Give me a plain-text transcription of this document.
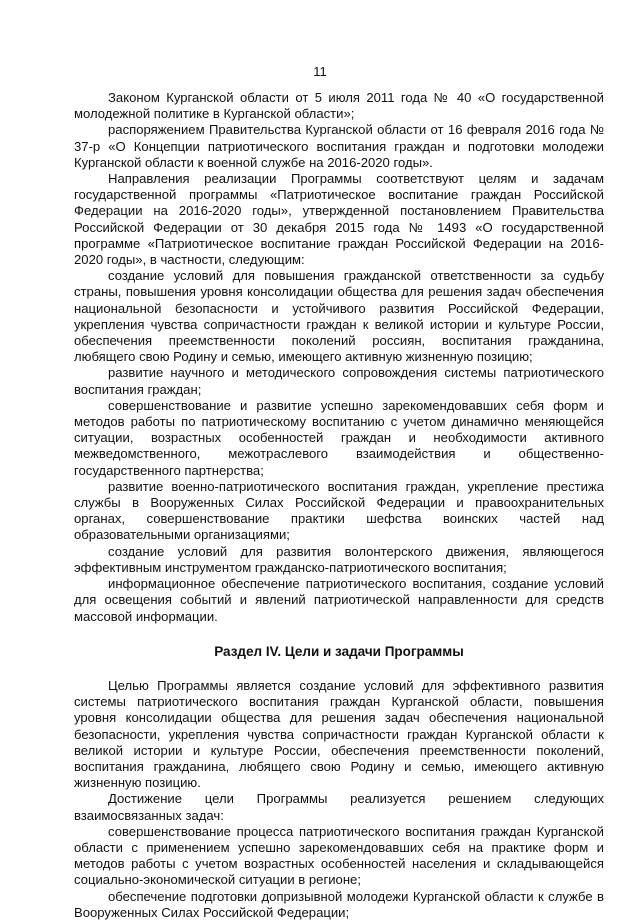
11

Законом Курганской области от 5 июля 2011 года № 40 «О государственной молодежной политике в Курганской области»;

распоряжением Правительства Курганской области от 16 февраля 2016 года № 37-р «О Концепции патриотического воспитания граждан и подготовки молодежи Курганской области к военной службе на 2016-2020 годы».

Направления реализации Программы соответствуют целям и задачам государственной программы «Патриотическое воспитание граждан Российской Федерации на 2016-2020 годы», утвержденной постановлением Правительства Российской Федерации от 30 декабря 2015 года № 1493 «О государственной программе «Патриотическое воспитание граждан Российской Федерации на 2016-2020 годы», в частности, следующим:

создание условий для повышения гражданской ответственности за судьбу страны, повышения уровня консолидации общества для решения задач обеспечения национальной безопасности и устойчивого развития Российской Федерации, укрепления чувства сопричастности граждан к великой истории и культуре России, обеспечения преемственности поколений россиян, воспитания гражданина, любящего свою Родину и семью, имеющего активную жизненную позицию;

развитие научного и методического сопровождения системы патриотического воспитания граждан;

совершенствование и развитие успешно зарекомендовавших себя форм и методов работы по патриотическому воспитанию с учетом динамично меняющейся ситуации, возрастных особенностей граждан и необходимости активного межведомственного, межотраслевого взаимодействия и общественно-государственного партнерства;

развитие военно-патриотического воспитания граждан, укрепление престижа службы в Вооруженных Силах Российской Федерации и правоохранительных органах, совершенствование практики шефства воинских частей над образовательными организациями;

создание условий для развития волонтерского движения, являющегося эффективным инструментом гражданско-патриотического воспитания;

информационное обеспечение патриотического воспитания, создание условий для освещения событий и явлений патриотической направленности для средств массовой информации.

Раздел IV. Цели и задачи Программы

Целью Программы является создание условий для эффективного развития системы патриотического воспитания граждан Курганской области, повышения уровня консолидации общества для решения задач обеспечения национальной безопасности, укрепления чувства сопричастности граждан Курганской области к великой истории и культуре России, обеспечения преемственности поколений, воспитания гражданина, любящего свою Родину и семью, имеющего активную жизненную позицию.

Достижение цели Программы реализуется решением следующих взаимосвязанных задач:

совершенствование процесса патриотического воспитания граждан Курганской области с применением успешно зарекомендовавших себя на практике форм и методов работы с учетом возрастных особенностей населения и складывающейся социально-экономической ситуации в регионе;

обеспечение подготовки допризывной молодежи Курганской области к службе в Вооруженных Силах Российской Федерации;
